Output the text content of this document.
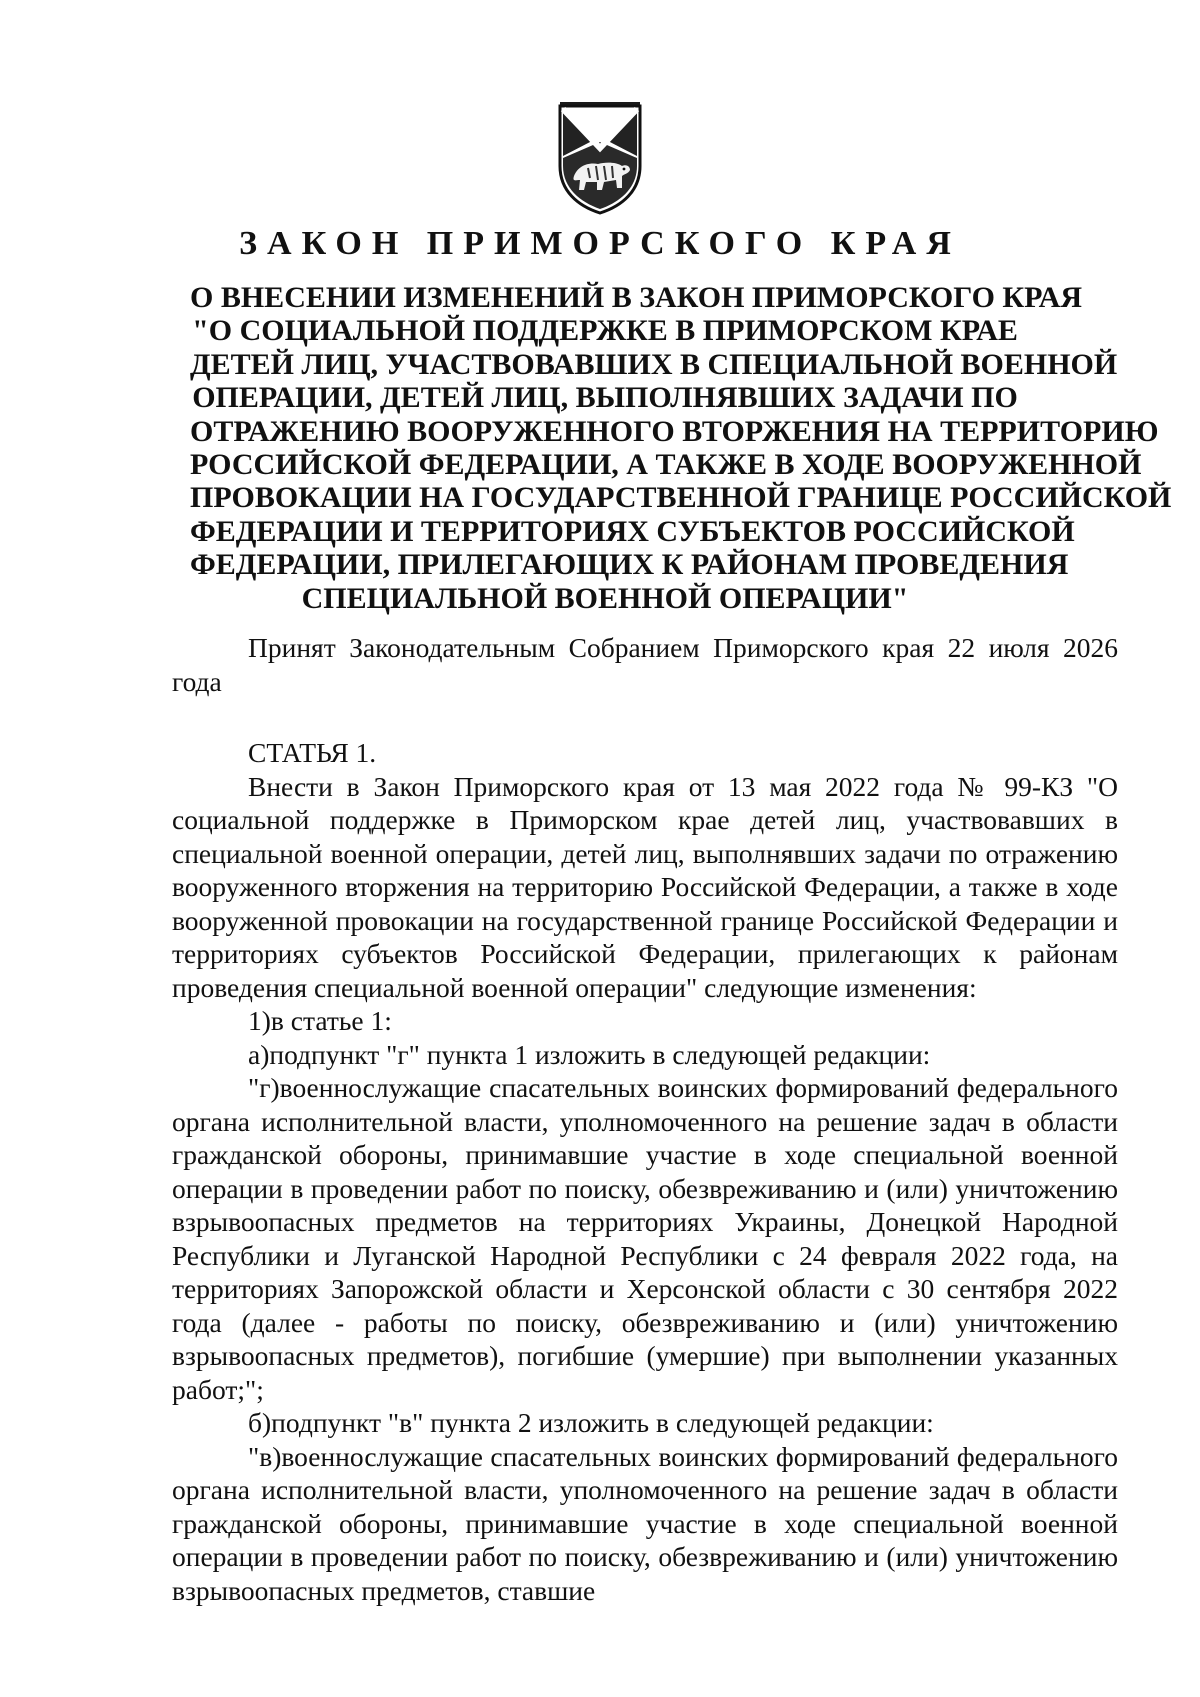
ЗАКОН ПРИМОРСКОГО КРАЯ
О ВНЕСЕНИИ ИЗМЕНЕНИЙ В ЗАКОН ПРИМОРСКОГО КРАЯ
"О СОЦИАЛЬНОЙ ПОДДЕРЖКЕ В ПРИМОРСКОМ КРАЕ
ДЕТЕЙ ЛИЦ, УЧАСТВОВАВШИХ В СПЕЦИАЛЬНОЙ ВОЕННОЙ
ОПЕРАЦИИ, ДЕТЕЙ ЛИЦ, ВЫПОЛНЯВШИХ ЗАДАЧИ ПО
ОТРАЖЕНИЮ ВООРУЖЕННОГО ВТОРЖЕНИЯ НА ТЕРРИТОРИЮ
РОССИЙСКОЙ ФЕДЕРАЦИИ, А ТАКЖЕ В ХОДЕ ВООРУЖЕННОЙ
ПРОВОКАЦИИ НА ГОСУДАРСТВЕННОЙ ГРАНИЦЕ РОССИЙСКОЙ
ФЕДЕРАЦИИ И ТЕРРИТОРИЯХ СУБЪЕКТОВ РОССИЙСКОЙ
ФЕДЕРАЦИИ, ПРИЛЕГАЮЩИХ К РАЙОНАМ ПРОВЕДЕНИЯ
СПЕЦИАЛЬНОЙ ВОЕННОЙ ОПЕРАЦИИ"

Принят Законодательным Собранием Приморского края 22 июля 2026 года

СТАТЬЯ 1.

Внести в Закон Приморского края от 13 мая 2022 года № 99-КЗ "О социальной поддержке в Приморском крае детей лиц, участвовавших в специальной военной операции, детей лиц, выполнявших задачи по отражению вооруженного вторжения на территорию Российской Федерации, а также в ходе вооруженной провокации на государственной границе Российской Федерации и территориях субъектов Российской Федерации, прилегающих к районам проведения специальной военной операции" следующие изменения:

1)в статье 1:

а)подпункт "г" пункта 1 изложить в следующей редакции:

"г)военнослужащие спасательных воинских формирований федерального органа исполнительной власти, уполномоченного на решение задач в области гражданской обороны, принимавшие участие в ходе специальной военной операции в проведении работ по поиску, обезвреживанию и (или) уничтожению взрывоопасных предметов на территориях Украины, Донецкой Народной Республики и Луганской Народной Республики с 24 февраля 2022 года, на территориях Запорожской области и Херсонской области с 30 сентября 2022 года (далее - работы по поиску, обезвреживанию и (или) уничтожению взрывоопасных предметов), погибшие (умершие) при выполнении указанных работ;";

б)подпункт "в" пункта 2 изложить в следующей редакции:

"в)военнослужащие спасательных воинских формирований федерального органа исполнительной власти, уполномоченного на решение задач в области гражданской обороны, принимавшие участие в ходе специальной военной операции в проведении работ по поиску, обезвреживанию и (или) уничтожению взрывоопасных предметов, ставшие
